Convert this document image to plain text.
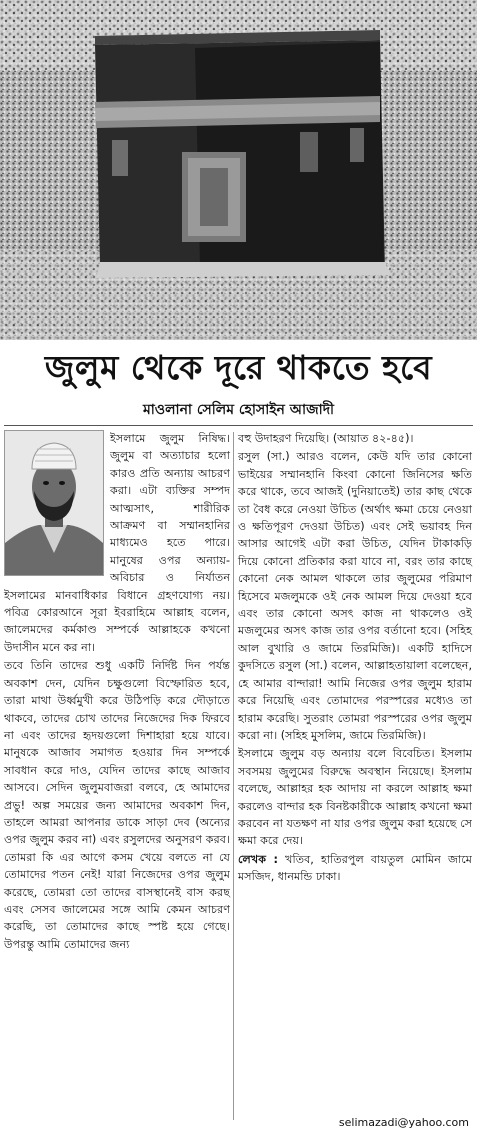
জুলুম থেকে দূরে থাকতে হবে
মাওলানা সেলিম হোসাইন আজাদী

ইসলামে জুলুম নিষিদ্ধ। জুলুম বা অত্যাচার হলো কারও প্রতি অন্যায় আচরণ করা। এটা ব্যক্তির সম্পদ আত্মসাৎ, শারীরিক আক্রমণ বা সম্মানহানির মাধ্যমেও হতে পারে। মানুষের ওপর অন্যায়-অবিচার ও নির্যাতন ইসলামের মানবাধিকার বিধানে গ্রহণযোগ্য নয়। পবিত্র কোরআনে সূরা ইবরাহিমে আল্লাহ বলেন, জালেমদের কর্মকাণ্ড সম্পর্কে আল্লাহকে কখনো উদাসীন মনে কর না।

তবে তিনি তাদের শুধু একটি নির্দিষ্ট দিন পর্যন্ত অবকাশ দেন, যেদিন চক্ষুগুলো বিস্ফোরিত হবে, তারা মাথা উর্ধ্বমুখী করে উঠিপড়ি করে দৌড়াতে থাকবে, তাদের চোখ তাদের নিজেদের দিক ফিরবে না এবং তাদের হৃদয়গুলো দিশাহারা হয়ে যাবে। মানুষকে আজাব সমাগত হওয়ার দিন সম্পর্কে সাবধান করে দাও, যেদিন তাদের কাছে আজাব আসবে। সেদিন জুলুমবাজরা বলবে, হে আমাদের প্রভু! অল্প সময়ের জন্য আমাদের অবকাশ দিন, তাহলে আমরা আপনার ডাকে সাড়া দেব (অন্যের ওপর জুলুম করব না) এবং রসুলদের অনুসরণ করব। তোমরা কি এর আগে কসম খেয়ে বলতে না যে তোমাদের পতন নেই! যারা নিজেদের ওপর জুলুম করেছে, তোমরা তো তাদের বাসস্থানেই বাস করছ এবং সেসব জালেমের সঙ্গে আমি কেমন আচরণ করেছি, তা তোমাদের কাছে স্পষ্ট হয়ে গেছে। উপরন্তু আমি তোমাদের জন্য

বহু উদাহরণ দিয়েছি। (আয়াত ৪২-৪৫)।

রসুল (সা.) আরও বলেন, কেউ যদি তার কোনো ভাইয়ের সম্মানহানি কিংবা কোনো জিনিসের ক্ষতি করে থাকে, তবে আজই (দুনিয়াতেই) তার কাছ থেকে তা বৈধ করে নেওয়া উচিত (অর্থাৎ ক্ষমা চেয়ে নেওয়া ও ক্ষতিপূরণ দেওয়া উচিত) এবং সেই ভয়াবহ দিন আসার আগেই এটা করা উচিত, যেদিন টাকাকড়ি দিয়ে কোনো প্রতিকার করা যাবে না, বরং তার কাছে কোনো নেক আমল থাকলে তার জুলুমের পরিমাণ হিসেবে মজলুমকে ওই নেক আমল দিয়ে দেওয়া হবে এবং তার কোনো অসৎ কাজ না থাকলেও ওই মজলুমের অসৎ কাজ তার ওপর বর্তানো হবে। (সহিহ আল বুখারি ও জামে তিরমিজি)। একটি হাদিসে কুদসিতে রসুল (সা.) বলেন, আল্লাহতায়ালা বলেছেন, হে আমার বান্দারা! আমি নিজের ওপর জুলুম হারাম করে নিয়েছি এবং তোমাদের পরস্পরের মধ্যেও তা হারাম করেছি। সুতরাং তোমরা পরস্পরের ওপর জুলুম করো না। (সহিহ মুসলিম, জামে তিরমিজি)।

ইসলামে জুলুম বড় অন্যায় বলে বিবেচিত। ইসলাম সবসময় জুলুমের বিরুদ্ধে অবস্থান নিয়েছে। ইসলাম বলেছে, আল্লাহর হক আদায় না করলে আল্লাহ ক্ষমা করলেও বান্দার হক বিনষ্টকারীকে আল্লাহ কখনো ক্ষমা করবেন না যতক্ষণ না যার ওপর জুলুম করা হয়েছে সে ক্ষমা করে দেয়।

লেখক : খতিব, হাতিরপুল বায়তুল মোমিন জামে মসজিদ, ধানমন্ডি ঢাকা।

selimazadi@yahoo.com
